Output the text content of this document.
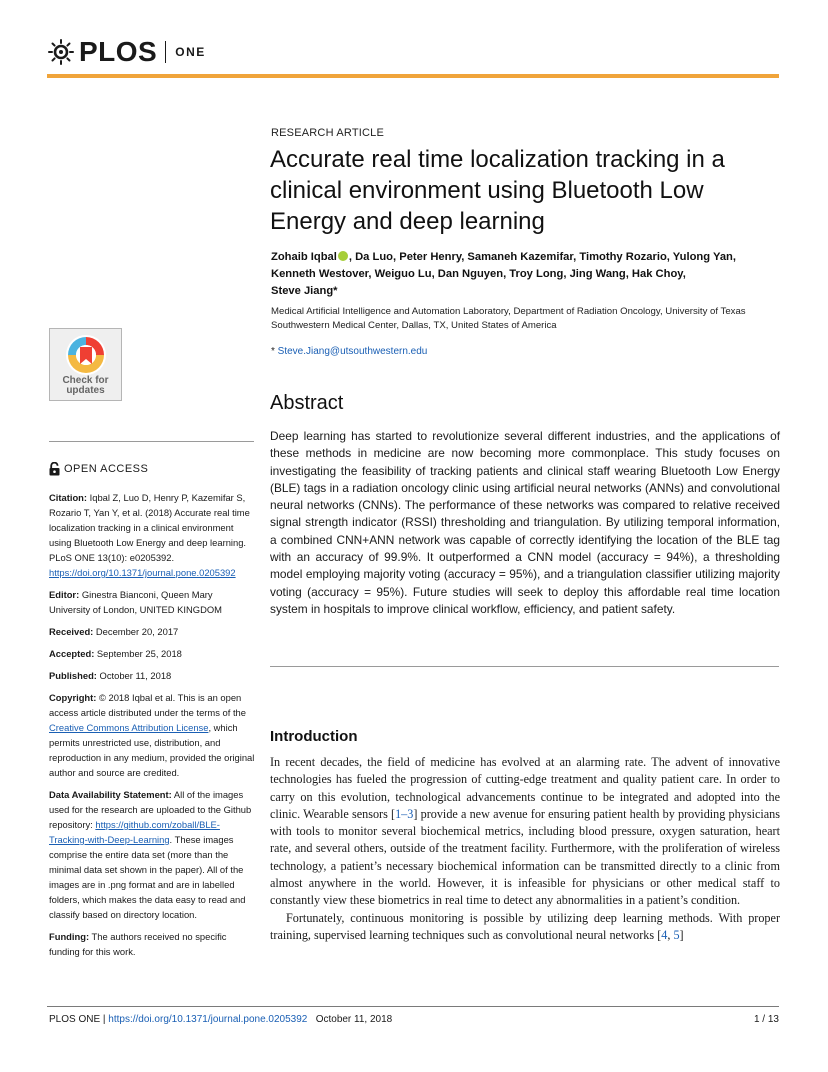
PLOS ONE
RESEARCH ARTICLE
Accurate real time localization tracking in a clinical environment using Bluetooth Low Energy and deep learning
Zohaib Iqbal , Da Luo, Peter Henry, Samaneh Kazemifar, Timothy Rozario, Yulong Yan,
Kenneth Westover, Weiguo Lu, Dan Nguyen, Troy Long, Jing Wang, Hak Choy,
Steve Jiang*
Medical Artificial Intelligence and Automation Laboratory, Department of Radiation Oncology, University of Texas Southwestern Medical Center, Dallas, TX, United States of America
* Steve.Jiang@utsouthwestern.edu
Abstract
Deep learning has started to revolutionize several different industries, and the applications of these methods in medicine are now becoming more commonplace. This study focuses on investigating the feasibility of tracking patients and clinical staff wearing Bluetooth Low Energy (BLE) tags in a radiation oncology clinic using artificial neural networks (ANNs) and convolutional neural networks (CNNs). The performance of these networks was compared to relative received signal strength indicator (RSSI) thresholding and triangulation. By utilizing temporal information, a combined CNN+ANN network was capable of correctly identifying the location of the BLE tag with an accuracy of 99.9%. It outperformed a CNN model (accuracy = 94%), a thresholding model employing majority voting (accuracy = 95%), and a triangulation classifier utilizing majority voting (accuracy = 95%). Future studies will seek to deploy this affordable real time location system in hospitals to improve clinical workflow, efficiency, and patient safety.
Introduction

In recent decades, the field of medicine has evolved at an alarming rate. The advent of innovative technologies has fueled the progression of cutting-edge treatment and quality patient care. In order to carry on this evolution, technological advancements continue to be integrated and adopted into the clinic. Wearable sensors [1–3] provide a new avenue for ensuring patient health by providing physicians with tools to monitor several biochemical metrics, including blood pressure, oxygen saturation, heart rate, and several others, outside of the treatment facility. Furthermore, with the proliferation of wireless technology, a patient’s necessary biochemical information can be transmitted directly to a clinic from almost anywhere in the world. However, it is infeasible for physicians or other medical staff to constantly view these biometrics in real time to detect any abnormalities in a patient’s condition.

Fortunately, continuous monitoring is possible by utilizing deep learning methods. With proper training, supervised learning techniques such as convolutional neural networks [4, 5]

Check for
updates
OPEN ACCESS
Citation: Iqbal Z, Luo D, Henry P, Kazemifar S, Rozario T, Yan Y, et al. (2018) Accurate real time localization tracking in a clinical environment using Bluetooth Low Energy and deep learning. PLoS ONE 13(10): e0205392. https://doi.org/10.1371/journal.pone.0205392
Editor: Ginestra Bianconi, Queen Mary University of London, UNITED KINGDOM
Received: December 20, 2017
Accepted: September 25, 2018
Published: October 11, 2018
Copyright: © 2018 Iqbal et al. This is an open access article distributed under the terms of the Creative Commons Attribution License, which permits unrestricted use, distribution, and reproduction in any medium, provided the original author and source are credited.
Data Availability Statement: All of the images used for the research are uploaded to the Github repository: https://github.com/zoball/BLE-Tracking-with-Deep-Learning. These images comprise the entire data set (more than the minimal data set shown in the paper). All of the images are in .png format and are in labelled folders, which makes the data easy to read and classify based on directory location.
Funding: The authors received no specific funding for this work.
PLOS ONE | https://doi.org/10.1371/journal.pone.0205392   October 11, 2018	1 / 13
